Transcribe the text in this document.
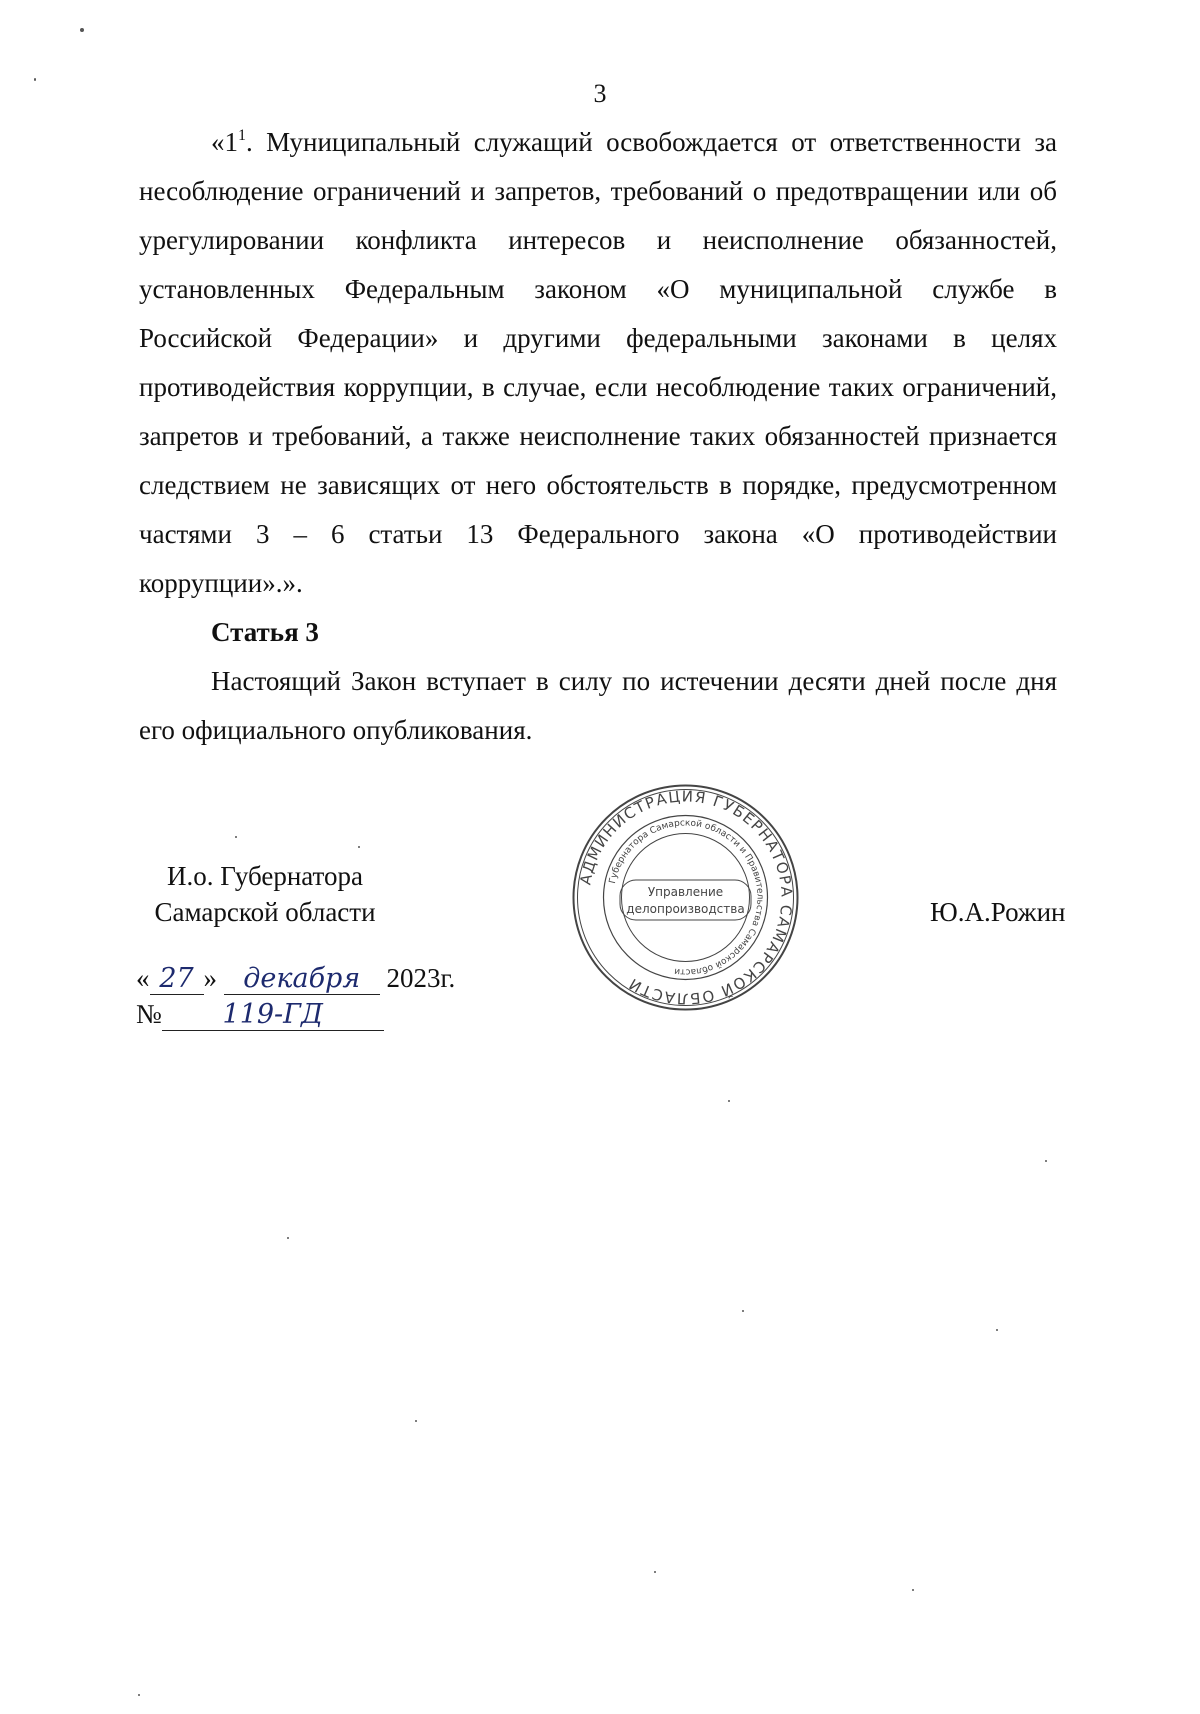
3

«$1^1$. Муниципальный служащий освобождается от ответственности за несоблюдение ограничений и запретов, требований о предотвращении или об урегулировании конфликта интересов и неисполнение обязанностей, установленных Федеральным законом «О муниципальной службе в Российской Федерации» и другими федеральными законами в целях противодействия коррупции, в случае, если несоблюдение таких ограничений, запретов и требований, а также неисполнение таких обязанностей признается следствием не зависящих от него обстоятельств в порядке, предусмотренном частями 3 – 6 статьи 13 Федерального закона «О противодействии коррупции».».

Статья 3

Настоящий Закон вступает в силу по истечении десяти дней после дня его официального опубликования.

И.о. Губернатора
Самарской области	Ю.А.Рожин
« 27 » декабря 2023г.
№ 119-ГД
АДМИНИСТРАЦИЯ ГУБЕРНАТОРА САМАРСКОЙ ОБЛАСТИ
Губернатора Самарской области и Правительства Самарской области
Управление
делопроизводства
